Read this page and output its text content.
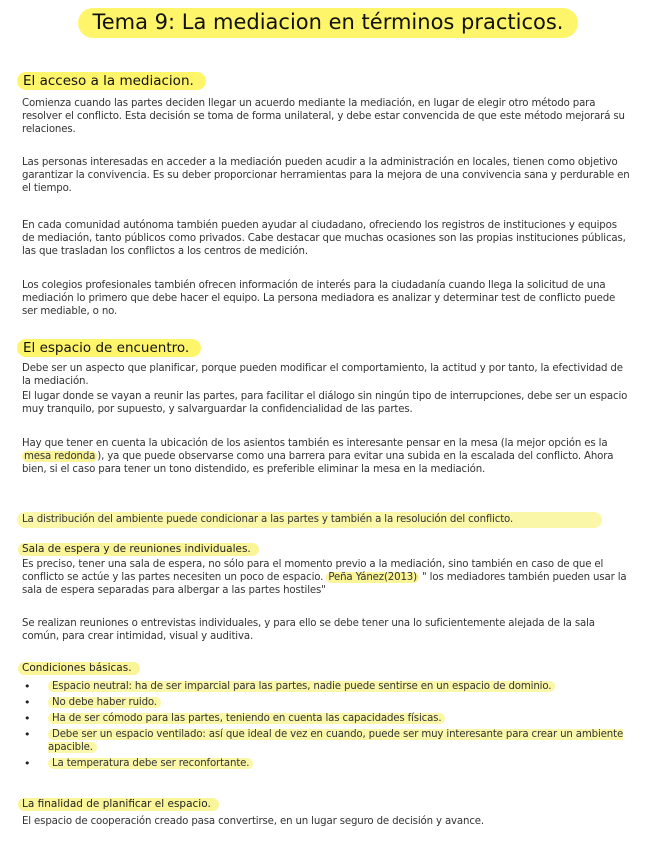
Tema 9: La mediacion en términos practicos.
El acceso a la mediacion.

Comienza cuando las partes deciden llegar un acuerdo mediante la mediación, en lugar de elegir otro método para resolver el conflicto. Esta decisión se toma de forma unilateral, y debe estar convencida de que este método mejorará su relaciones.

Las personas interesadas en acceder a la mediación pueden acudir a la administración en locales, tienen como objetivo garantizar la convivencia. Es su deber proporcionar herramientas para la mejora de una convivencia sana y perdurable en el tiempo.

En cada comunidad autónoma también pueden ayudar al ciudadano, ofreciendo los registros de instituciones y equipos de mediación, tanto públicos como privados. Cabe destacar que muchas ocasiones son las propias instituciones públicas, las que trasladan los conflictos a los centros de medición.

Los colegios profesionales también ofrecen información de interés para la ciudadanía cuando llega la solicitud de una mediación lo primero que debe hacer el equipo. La persona mediadora es analizar y determinar test de conflicto puede ser mediable, o no.

El espacio de encuentro.

Debe ser un aspecto que planificar, porque pueden modificar el comportamiento, la actitud y por tanto, la efectividad de la mediación.

El lugar donde se vayan a reunir las partes, para facilitar el diálogo sin ningún tipo de interrupciones, debe ser un espacio muy tranquilo, por supuesto, y salvarguardar la confidencialidad de las partes.

Hay que tener en cuenta la ubicación de los asientos también es interesante pensar en la mesa (la mejor opción es la mesa redonda ), ya que puede observarse como una barrera para evitar una subida en la escalada del conflicto. Ahora bien, si el caso para tener un tono distendido, es preferible eliminar la mesa en la mediación.

La distribución del ambiente puede condicionar a las partes y también a la resolución del conflicto.
Sala de espera y de reuniones individuales.

Es preciso, tener una sala de espera, no sólo para el momento previo a la mediación, sino también en caso de que el conflicto se actúe y las partes necesiten un poco de espacio. Peña Yánez(2013) " los mediadores también pueden usar la sala de espera separadas para albergar a las partes hostiles"

Se realizan reuniones o entrevistas individuales, y para ello se debe tener una lo suficientemente alejada de la sala común, para crear intimidad, visual y auditiva.

Condiciones básicas.
• Espacio neutral: ha de ser imparcial para las partes, nadie puede sentirse en un espacio de dominio.
• No debe haber ruido.
• Ha de ser cómodo para las partes, teniendo en cuenta las capacidades físicas.
• Debe ser un espacio ventilado: así que ideal de vez en cuando, puede ser muy interesante para crear un ambiente apacible.
• La temperatura debe ser reconfortante.
La finalidad de planificar el espacio.

El espacio de cooperación creado pasa convertirse, en un lugar seguro de decisión y avance.
